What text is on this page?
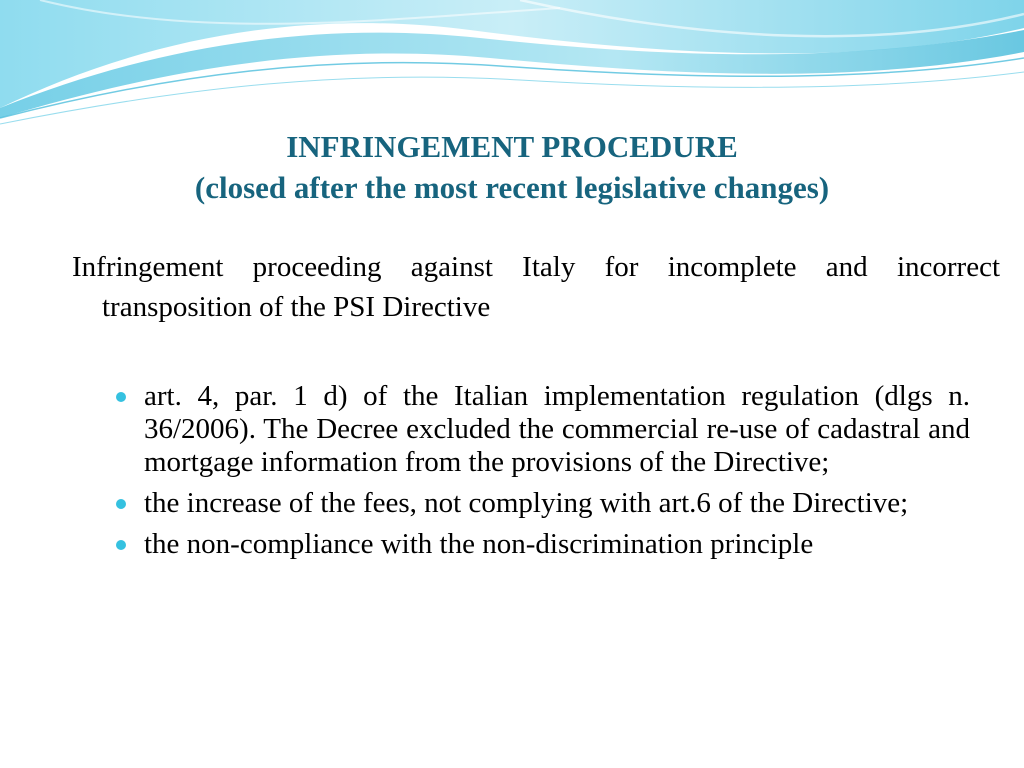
INFRINGEMENT PROCEDURE
(closed after the most recent legislative changes)
Infringement proceeding against Italy for incomplete and incorrect transposition of the PSI Directive
art. 4, par. 1 d) of the Italian implementation regulation (dlgs n. 36/2006). The Decree excluded the commercial re-use of cadastral and mortgage information from the provisions of the Directive;
the increase of the fees, not complying with art.6 of the Directive;
the non-compliance with the non-discrimination principle
